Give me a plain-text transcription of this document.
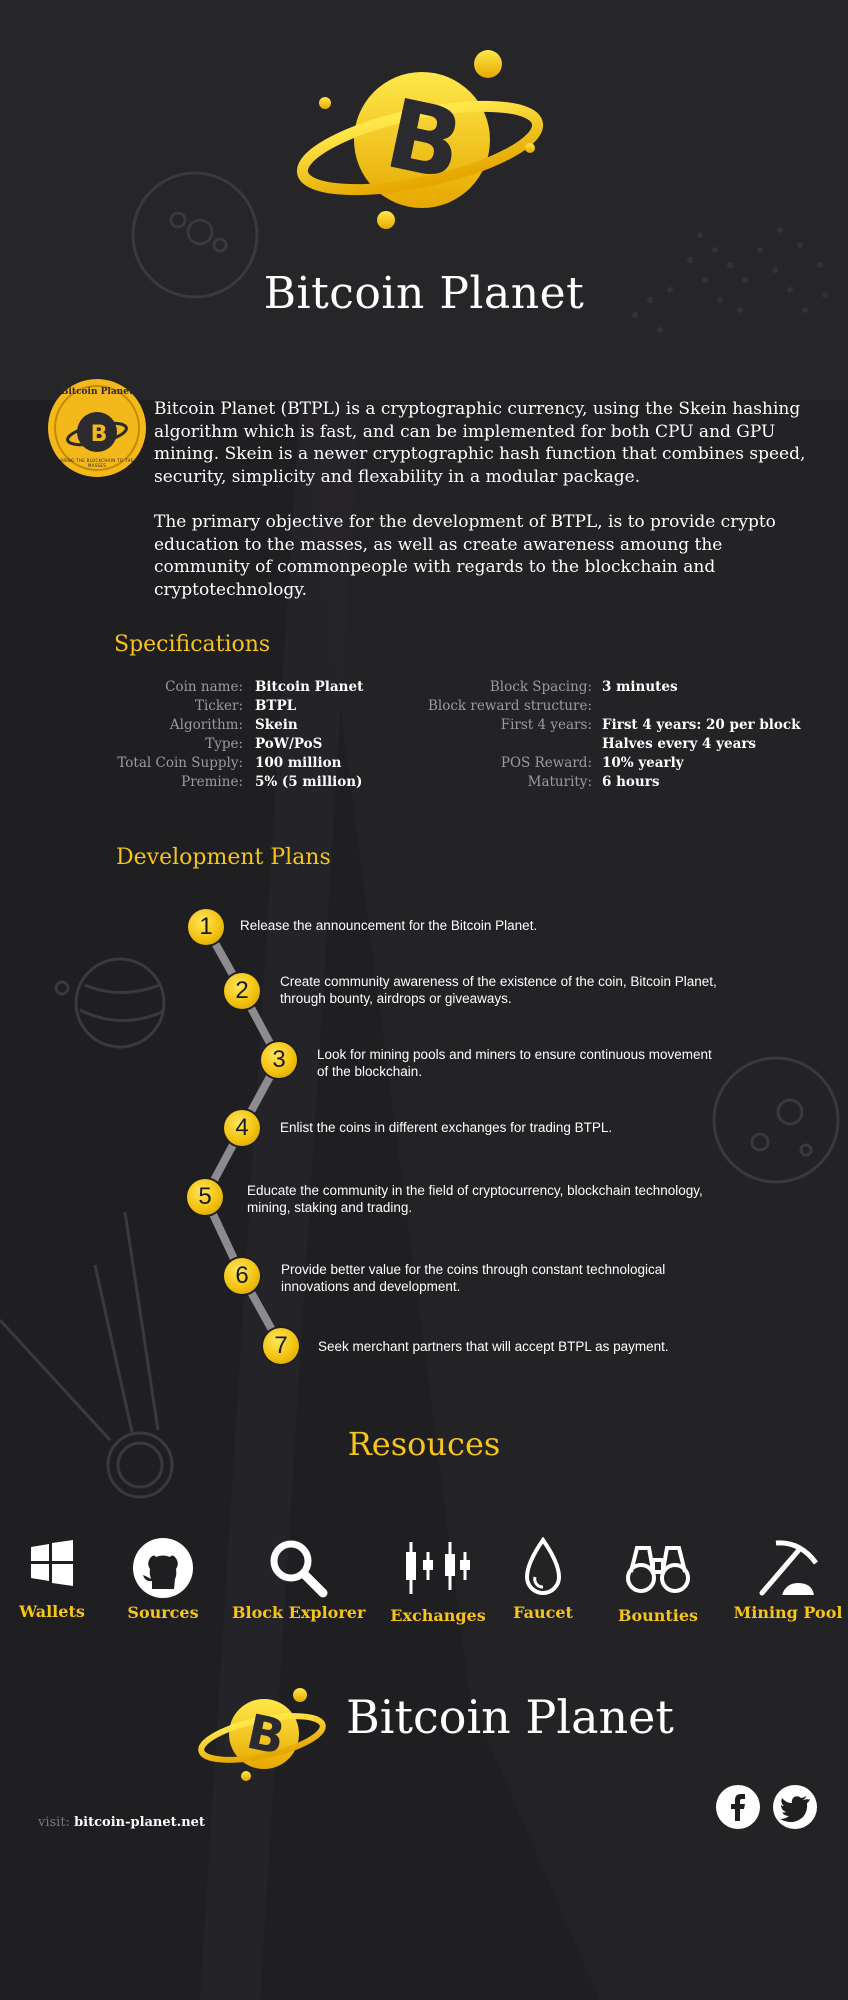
B
Bitcoin Planet
B
Bitcoin Planet
BRING THE BLOCKCHAIN TO THE MASSES

Bitcoin Planet (BTPL) is a cryptographic currency, using the Skein hashing algorithm which is fast, and can be implemented for both CPU and GPU mining. Skein is a newer cryptographic hash function that combines speed, security, simplicity and flexability in a modular package.

The primary objective for the development of BTPL, is to provide crypto education to the masses, as well as create awareness amoung the community of commonpeople with regards to the blockchain and cryptotechnology.

Specifications
Coin name: Bitcoin Planet
Ticker: BTPL
Algorithm: Skein
Type: PoW/PoS
Total Coin Supply: 100 million
Premine: 5% (5 million)
Block Spacing: 3 minutes
Block reward structure:
First 4 years: First 4 years: 20 per block
Halves every 4 years
POS Reward: 10% yearly
Maturity: 6 hours
Development Plans
1	Release the announcement for the Bitcoin Planet.
2	Create community awareness of the existence of the coin, Bitcoin Planet,
through bounty, airdrops or giveaways.
3	Look for mining pools and miners to ensure continuous movement
of the blockchain.
4	Enlist the coins in different exchanges for trading BTPL.
5	Educate the community in the field of cryptocurrency, blockchain technology,
mining, staking and trading.
6	Provide better value for the coins through constant technological
innovations and development.
7	Seek merchant partners that will accept BTPL as payment.
Resouces
Wallets	Sources	Block Explorer Exchanges	Faucet	Bounties	Mining Pool
B Bitcoin Planet
visit: bitcoin-planet.net
